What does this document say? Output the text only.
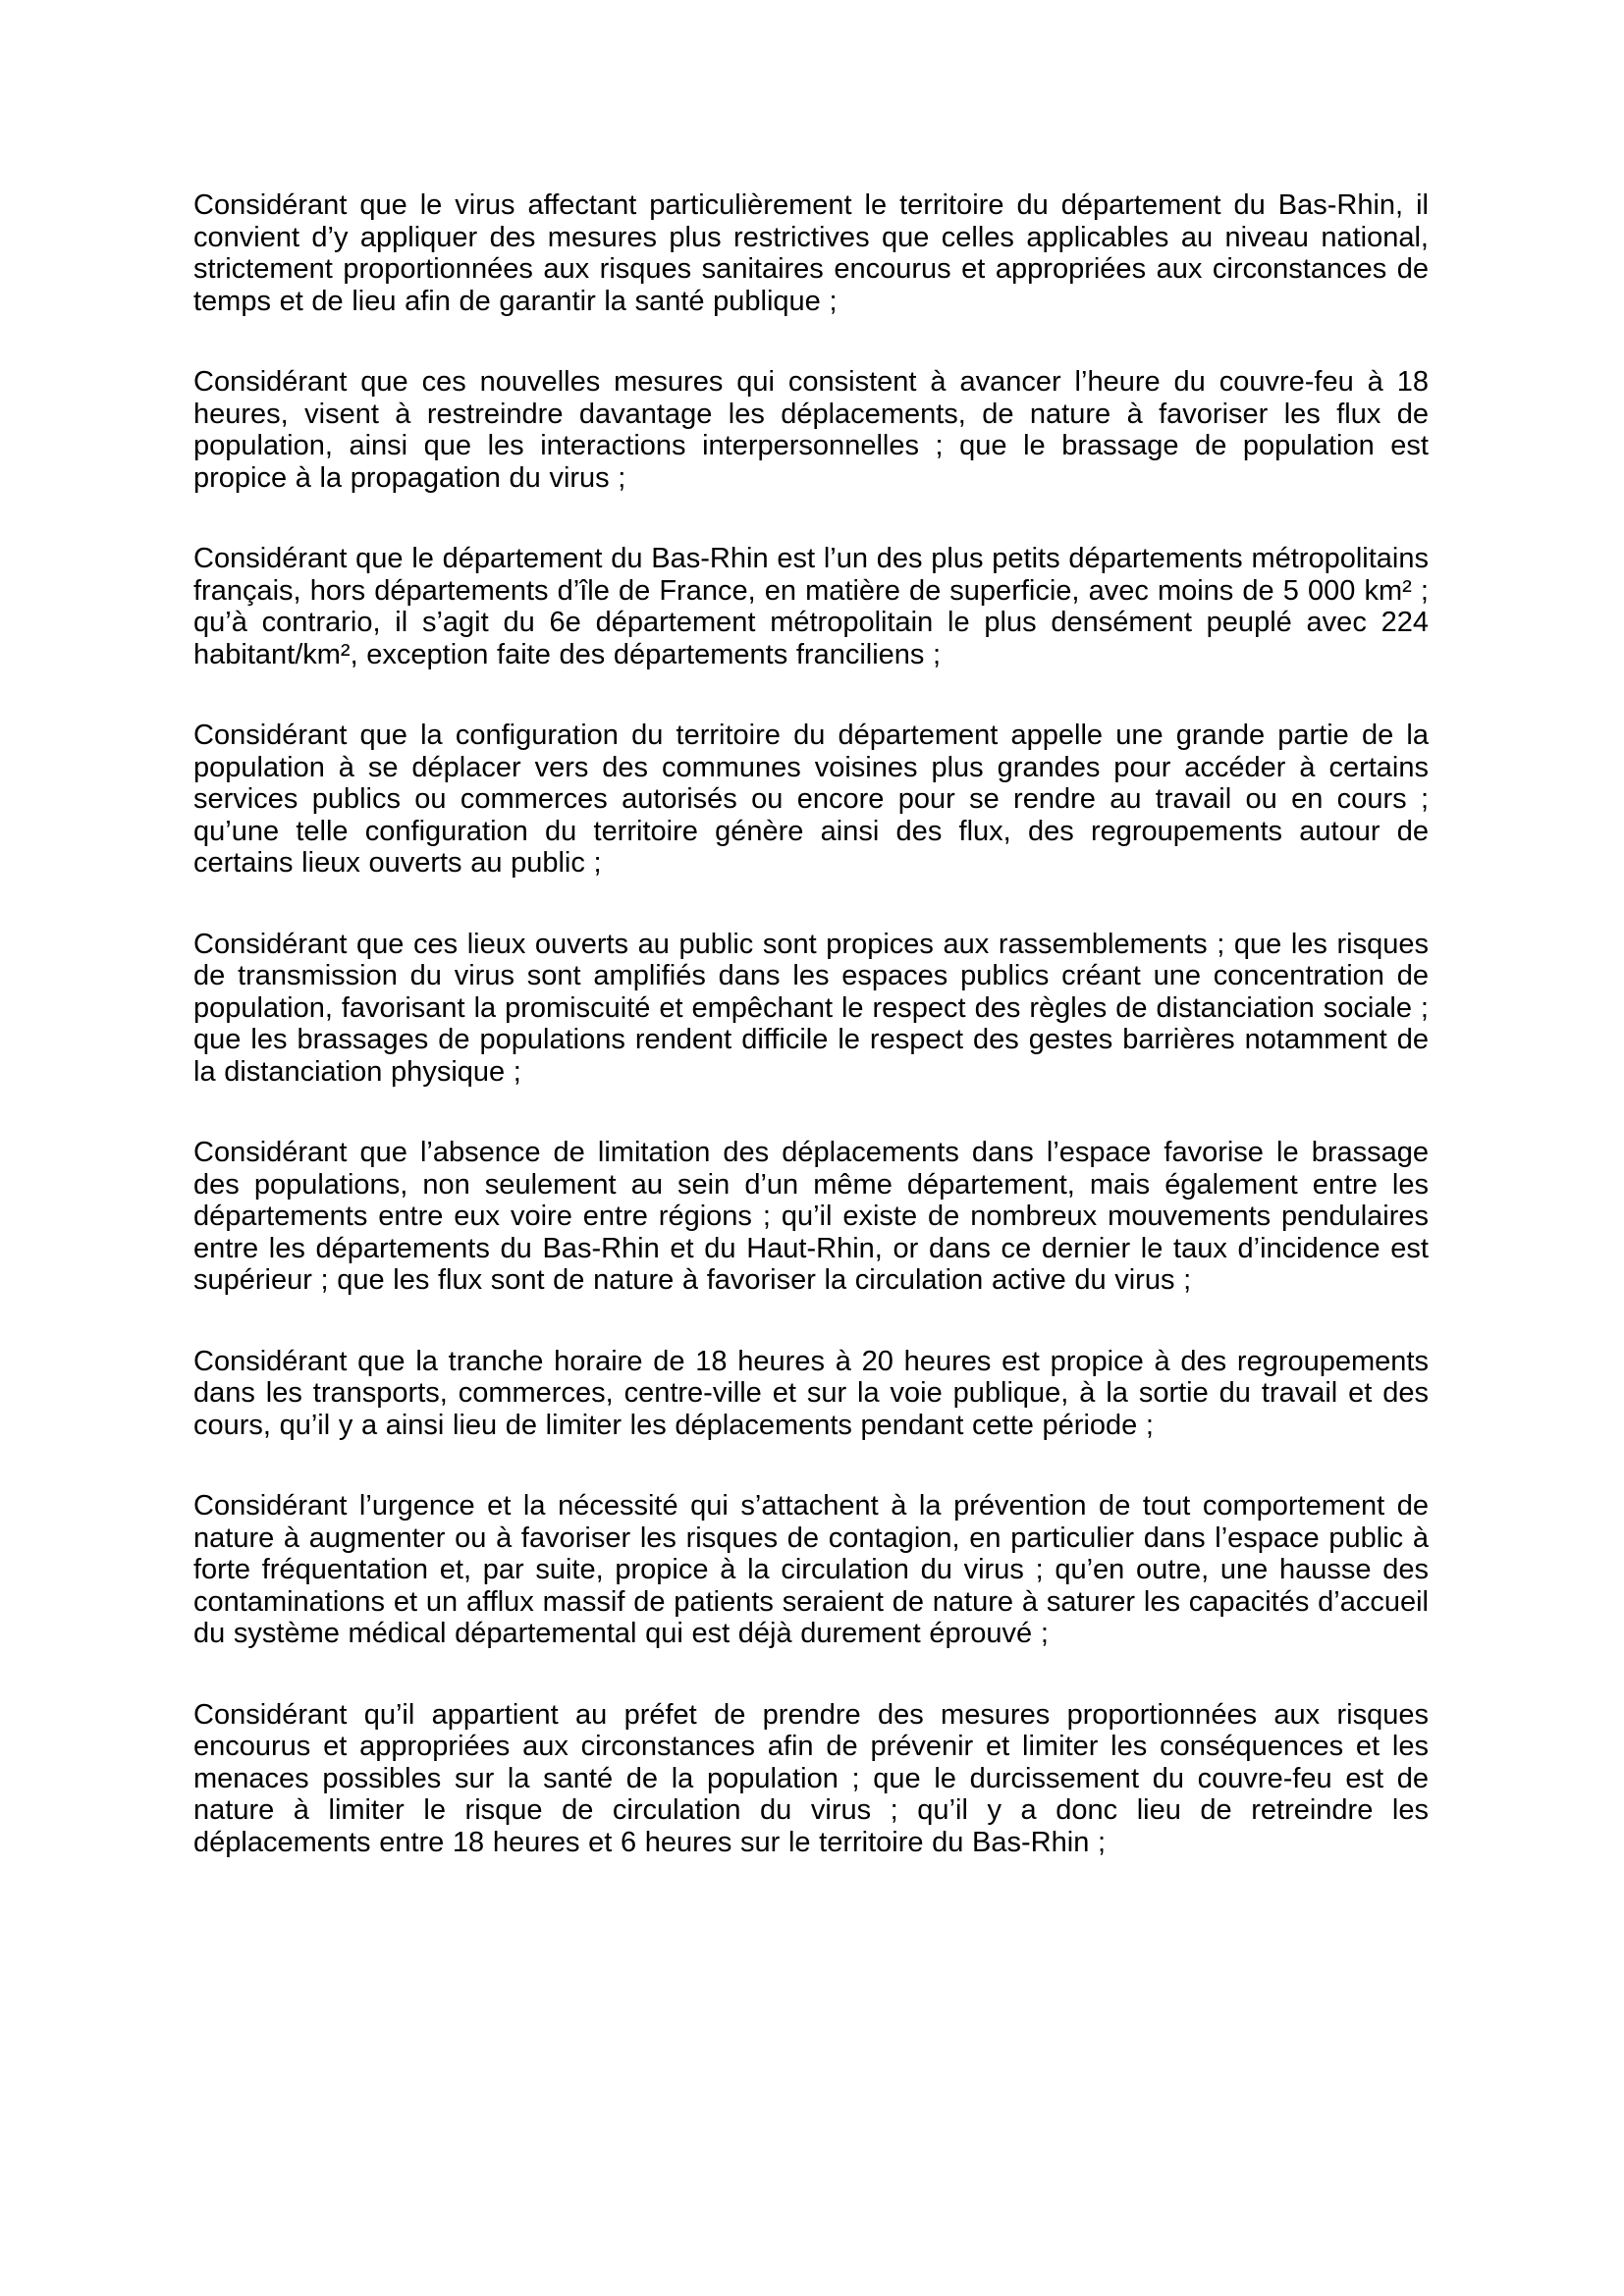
Considérant que le virus affectant particulièrement le territoire du département du Bas-Rhin, il convient d’y appliquer des mesures plus restrictives que celles applicables au niveau national, strictement proportionnées aux risques sanitaires encourus et appropriées aux circonstances de temps et de lieu afin de garantir la santé publique ;

Considérant que ces nouvelles mesures qui consistent à avancer l’heure du couvre-feu à 18 heures, visent à restreindre davantage les déplacements, de nature à favoriser les flux de population, ainsi que les interactions interpersonnelles ; que le brassage de population est propice à la propagation du virus ;

Considérant que le département du Bas-Rhin est l’un des plus petits départements métropolitains français, hors départements d’île de France, en matière de superficie, avec moins de 5 000 km² ; qu’à contrario, il s’agit du 6e département métropolitain le plus densément peuplé avec 224 habitant/km², exception faite des départements franciliens ;

Considérant que la configuration du territoire du département appelle une grande partie de la population à se déplacer vers des communes voisines plus grandes pour accéder à certains services publics ou commerces autorisés ou encore pour se rendre au travail ou en cours ; qu’une telle configuration du territoire génère ainsi des flux, des regroupements autour de certains lieux ouverts au public ;

Considérant que ces lieux ouverts au public sont propices aux rassemblements ; que les risques de transmission du virus sont amplifiés dans les espaces publics créant une concentration de population, favorisant la promiscuité et empêchant le respect des règles de distanciation sociale ; que les brassages de populations rendent difficile le respect des gestes barrières notamment de la distanciation physique ;

Considérant que l’absence de limitation des déplacements dans l’espace favorise le brassage des populations, non seulement au sein d’un même département, mais également entre les départements entre eux voire entre régions ; qu’il existe de nombreux mouvements pendulaires entre les départements du Bas-Rhin et du Haut-Rhin, or dans ce dernier le taux d’incidence est supérieur ; que les flux sont de nature à favoriser la circulation active du virus ;

Considérant que la tranche horaire de 18 heures à 20 heures est propice à des regroupements dans les transports, commerces, centre-ville et sur la voie publique, à la sortie du travail et des cours, qu’il y a ainsi lieu de limiter les déplacements pendant cette période ;

Considérant l’urgence et la nécessité qui s’attachent à la prévention de tout comportement de nature à augmenter ou à favoriser les risques de contagion, en particulier dans l’espace public à forte fréquentation et, par suite, propice à la circulation du virus ; qu’en outre, une hausse des contaminations et un afflux massif de patients seraient de nature à saturer les capacités d’accueil du système médical départemental qui est déjà durement éprouvé ;

Considérant qu’il appartient au préfet de prendre des mesures proportionnées aux risques encourus et appropriées aux circonstances afin de prévenir et limiter les conséquences et les menaces possibles sur la santé de la population ; que le durcissement du couvre-feu est de nature à limiter le risque de circulation du virus ; qu’il y a donc lieu de retreindre les déplacements entre 18 heures et 6 heures sur le territoire du Bas-Rhin ;
